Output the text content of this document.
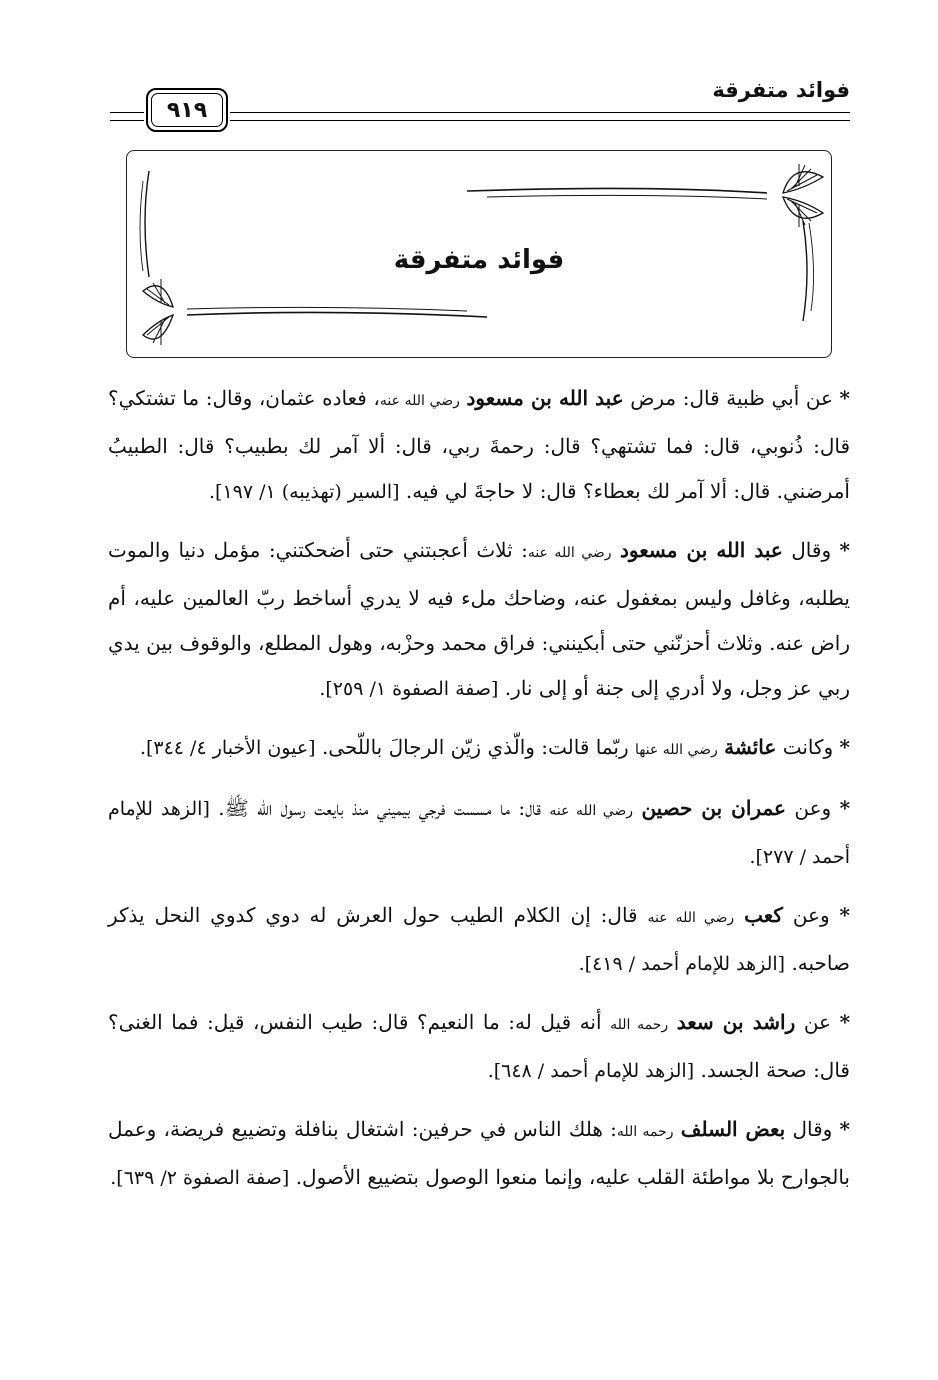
٩١٩
فوائد متفرقة
فوائد متفرقة

* عن أبي ظبية قال: مرض عبد الله بن مسعود رضي الله عنه، فعاده عثمان، وقال: ما تشتكي؟ قال: ذُنوبي، قال: فما تشتهي؟ قال: رحمةَ ربي، قال: ألا آمر لك بطبيب؟ قال: الطبيبُ أمرضني. قال: ألا آمر لك بعطاء؟ قال: لا حاجةَ لي فيه. [السير (تهذيبه) ١/ ١٩٧].

* وقال عبد الله بن مسعود رضي الله عنه: ثلاث أعجبتني حتى أضحكتني: مؤمل دنيا والموت يطلبه، وغافل وليس بمغفول عنه، وضاحك ملء فيه لا يدري أساخط ربّ العالمين عليه، أم راض عنه. وثلاث أحزنّني حتى أبكينني: فراق محمد وحزْبه، وهول المطلع، والوقوف بين يدي ربي عز وجل، ولا أدري إلى جنة أو إلى نار. [صفة الصفوة ١/ ٢٥٩].

* وكانت عائشة رضي الله عنها ربّما قالت: والّذي زيّن الرجالَ باللّحى. [عيون الأخبار ٤/ ٣٤٤].

* وعن عمران بن حصين رضي الله عنه قال: ما مسست فرجي بيميني منذ بايعت رسول الله ﷺ. [الزهد للإمام أحمد / ٢٧٧].

* وعن كعب رضي الله عنه قال: إن الكلام الطيب حول العرش له دوي كدوي النحل يذكر صاحبه. [الزهد للإمام أحمد / ٤١٩].

* عن راشد بن سعد رحمه الله أنه قيل له: ما النعيم؟ قال: طيب النفس، قيل: فما الغنى؟ قال: صحة الجسد. [الزهد للإمام أحمد / ٦٤٨].

* وقال بعض السلف رحمه الله: هلك الناس في حرفين: اشتغال بنافلة وتضييع فريضة، وعمل بالجوارح بلا مواطئة القلب عليه، وإنما منعوا الوصول بتضييع الأصول. [صفة الصفوة ٢/ ٦٣٩].
